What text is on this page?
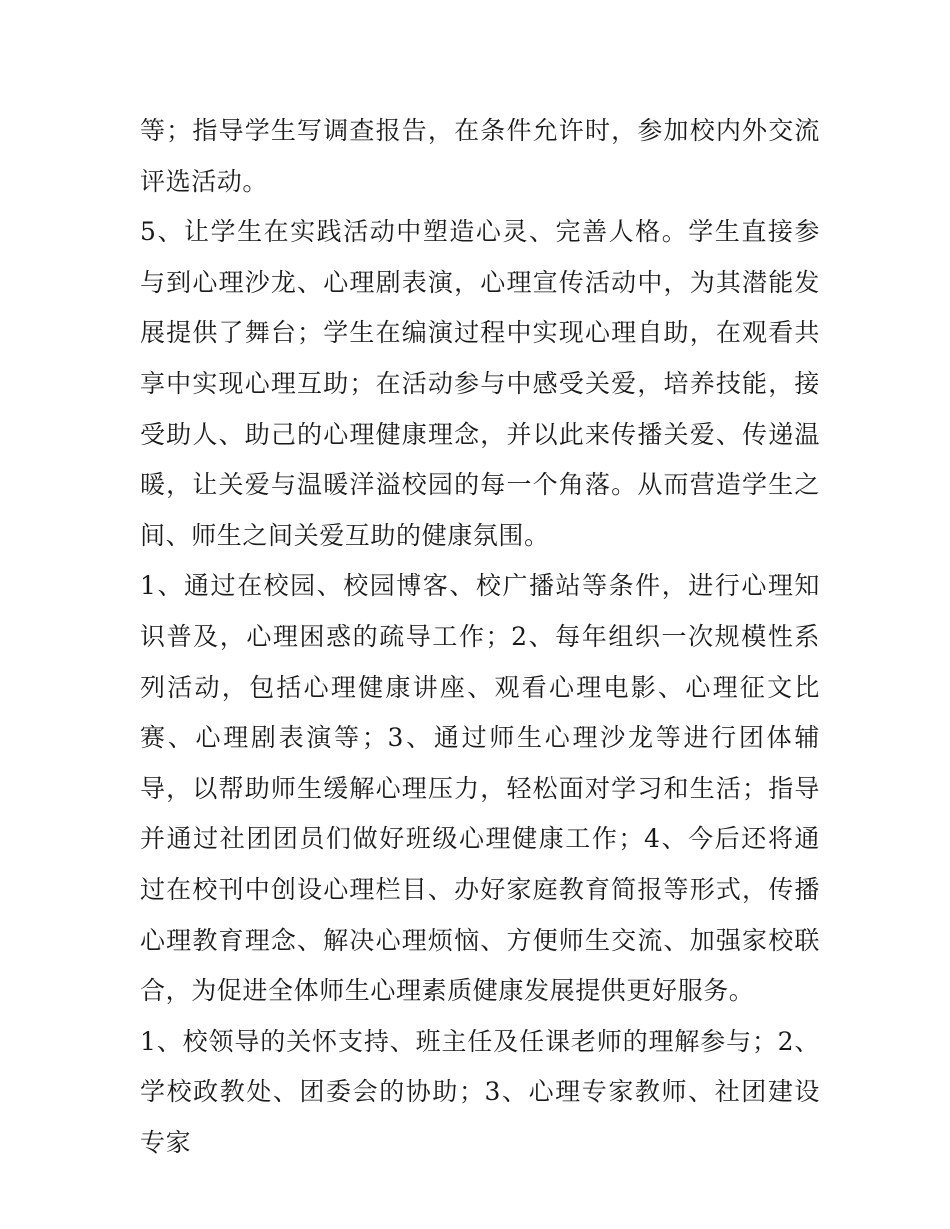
等；指导学生写调查报告，在条件允许时，参加校内外交流评选活动。

5、让学生在实践活动中塑造心灵、完善人格。学生直接参与到心理沙龙、心理剧表演，心理宣传活动中，为其潜能发展提供了舞台；学生在编演过程中实现心理自助，在观看共享中实现心理互助；在活动参与中感受关爱，培养技能，接受助人、助己的心理健康理念，并以此来传播关爱、传递温暖，让关爱与温暖洋溢校园的每一个角落。从而营造学生之间、师生之间关爱互助的健康氛围。

1、通过在校园、校园博客、校广播站等条件，进行心理知识普及，心理困惑的疏导工作；2、每年组织一次规模性系列活动，包括心理健康讲座、观看心理电影、心理征文比赛、心理剧表演等；3、通过师生心理沙龙等进行团体辅导，以帮助师生缓解心理压力，轻松面对学习和生活；指导并通过社团团员们做好班级心理健康工作；4、今后还将通过在校刊中创设心理栏目、办好家庭教育简报等形式，传播心理教育理念、解决心理烦恼、方便师生交流、加强家校联合，为促进全体师生心理素质健康发展提供更好服务。

1、校领导的关怀支持、班主任及任课老师的理解参与；2、学校政教处、团委会的协助；3、心理专家教师、社团建设专家
